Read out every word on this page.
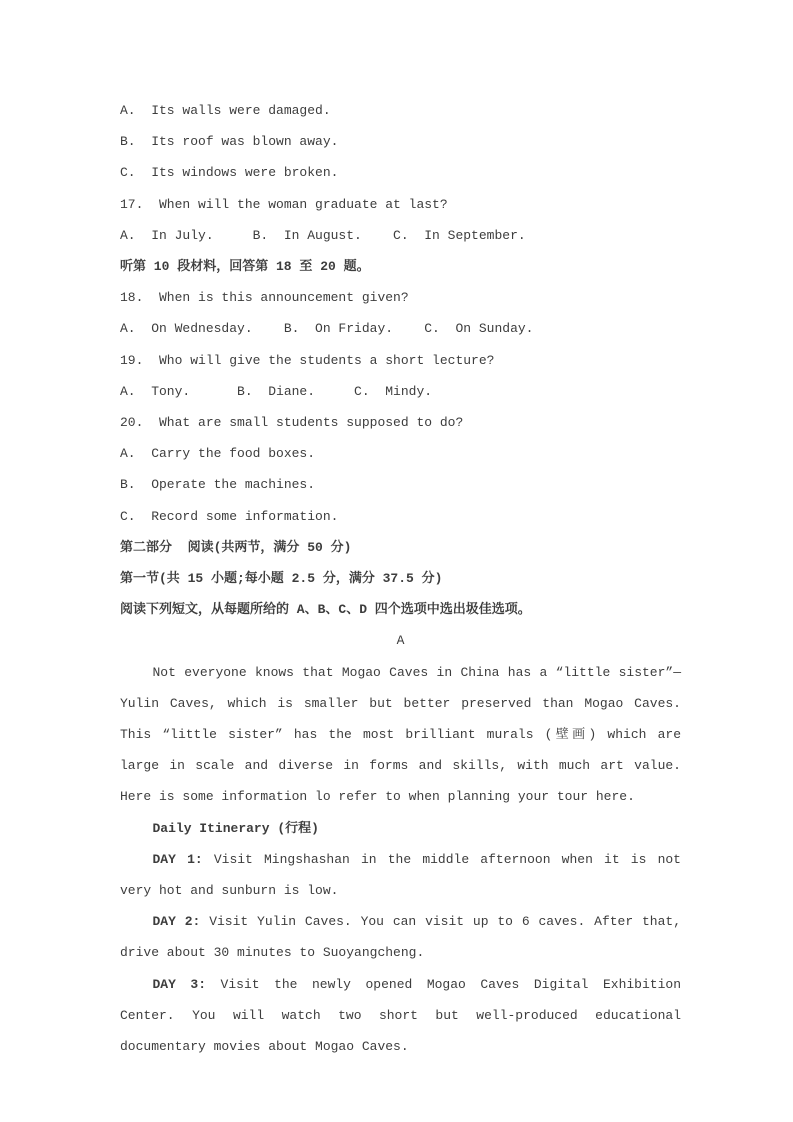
A.  Its walls were damaged.
B.  Its roof was blown away.
C.  Its windows were broken.
17.  When will the woman graduate at last?
A.  In July.     B.  In August.    C.  In September.
听第 10 段材料，回答第 18 至 20 题。
18.  When is this announcement given?
A.  On Wednesday.    B.  On Friday.    C.  On Sunday.
19.  Who will give the students a short lecture?
A.  Tony.      B.  Diane.     C.  Mindy.
20.  What are small students supposed to do?
A.  Carry the food boxes.
B.  Operate the machines.
C.  Record some information.
第二部分  阅读(共两节，满分 50 分)
第一节(共 15 小题;每小题 2.5 分，满分 37.5 分)
阅读下列短文，从每题所给的 A、B、C、D 四个选项中选出圾佳选项。
A

Not everyone knows that Mogao Caves in China has a “little sister”—Yulin Caves, which is smaller but better preserved than Mogao Caves. This “little sister” has the most brilliant murals (壁画) which are large in scale and diverse in forms and skills, with much art value. Here is some information lo refer to when planning your tour here.

Daily Itinerary (行程)

DAY 1: Visit Mingshashan in the middle afternoon when it is not very hot and sunburn is low.

DAY 2: Visit Yulin Caves. You can visit up to 6 caves. After that, drive about 30 minutes to Suoyangcheng.

DAY 3: Visit the newly opened Mogao Caves Digital Exhibition Center. You will watch two short but well-produced educational documentary movies about Mogao Caves.
